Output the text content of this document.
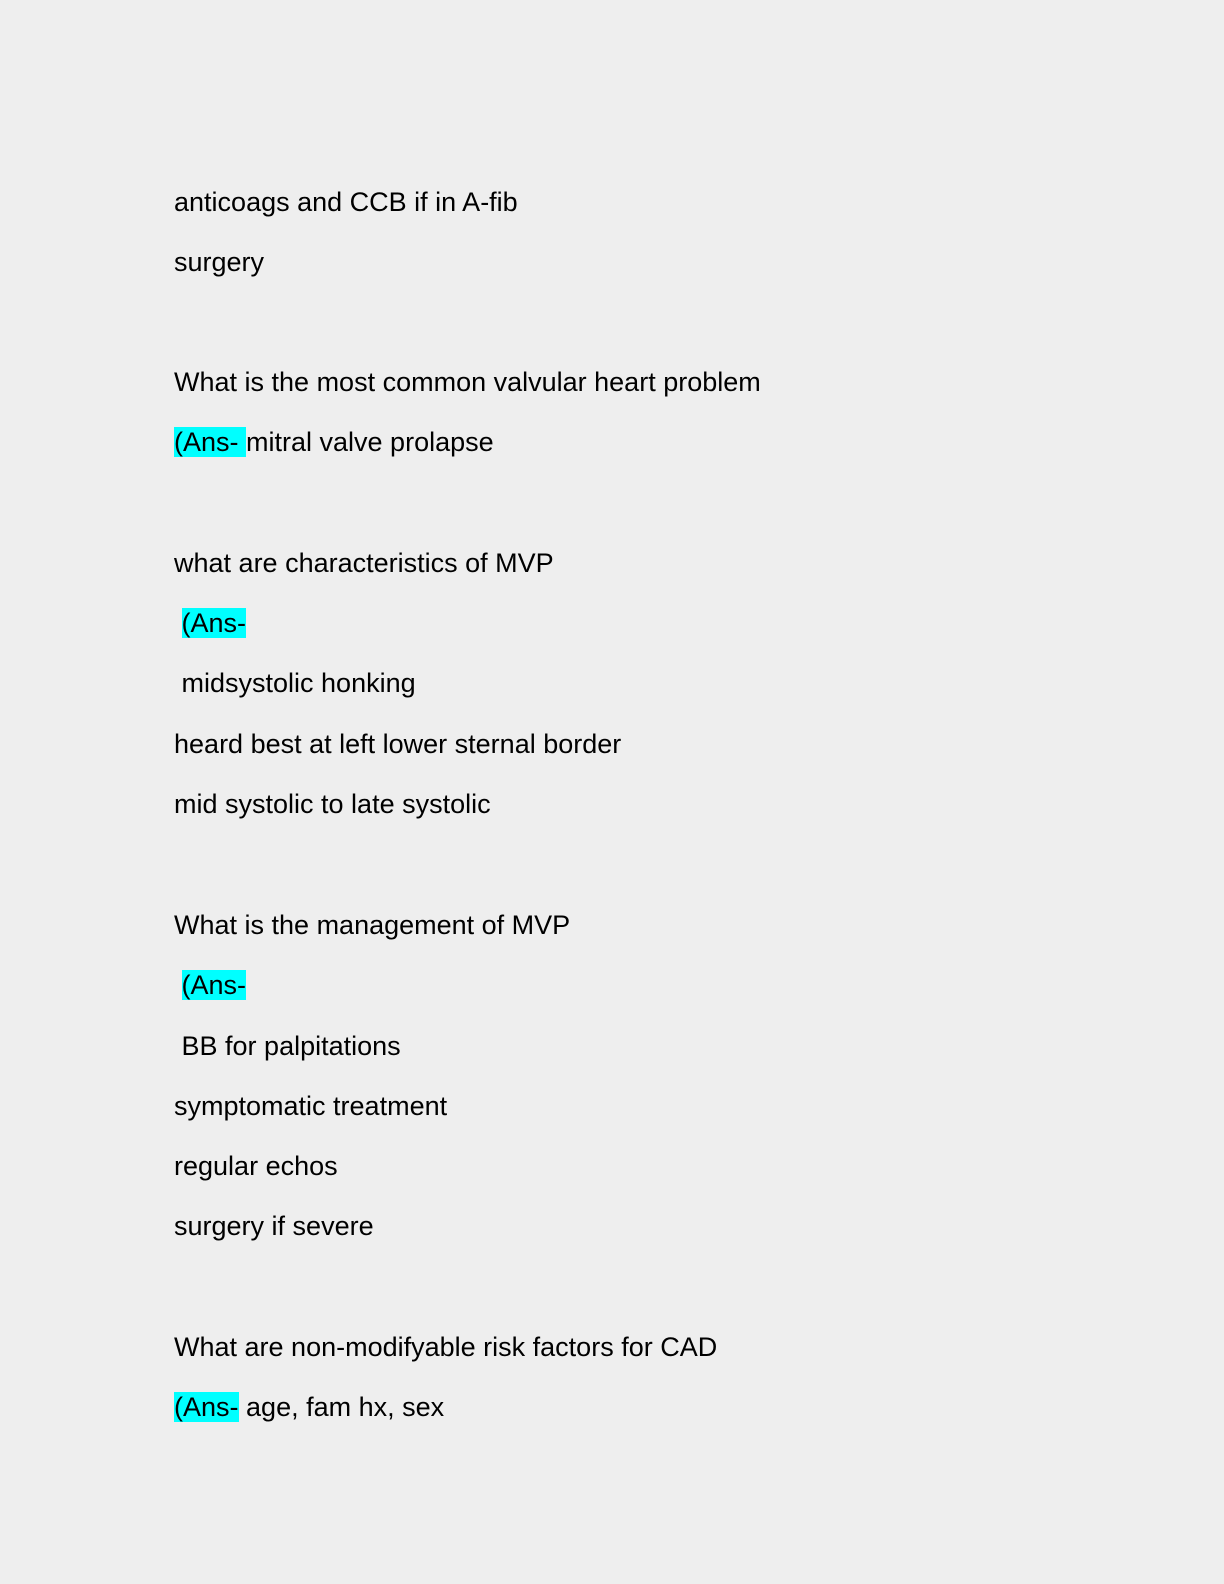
anticoags and CCB if in A-fib

surgery

What is the most common valvular heart problem

(Ans- mitral valve prolapse

what are characteristics of MVP

(Ans-

midsystolic honking

heard best at left lower sternal border

mid systolic to late systolic

What is the management of MVP

(Ans-

BB for palpitations

symptomatic treatment

regular echos

surgery if severe

What are non-modifyable risk factors for CAD

(Ans- age, fam hx, sex
